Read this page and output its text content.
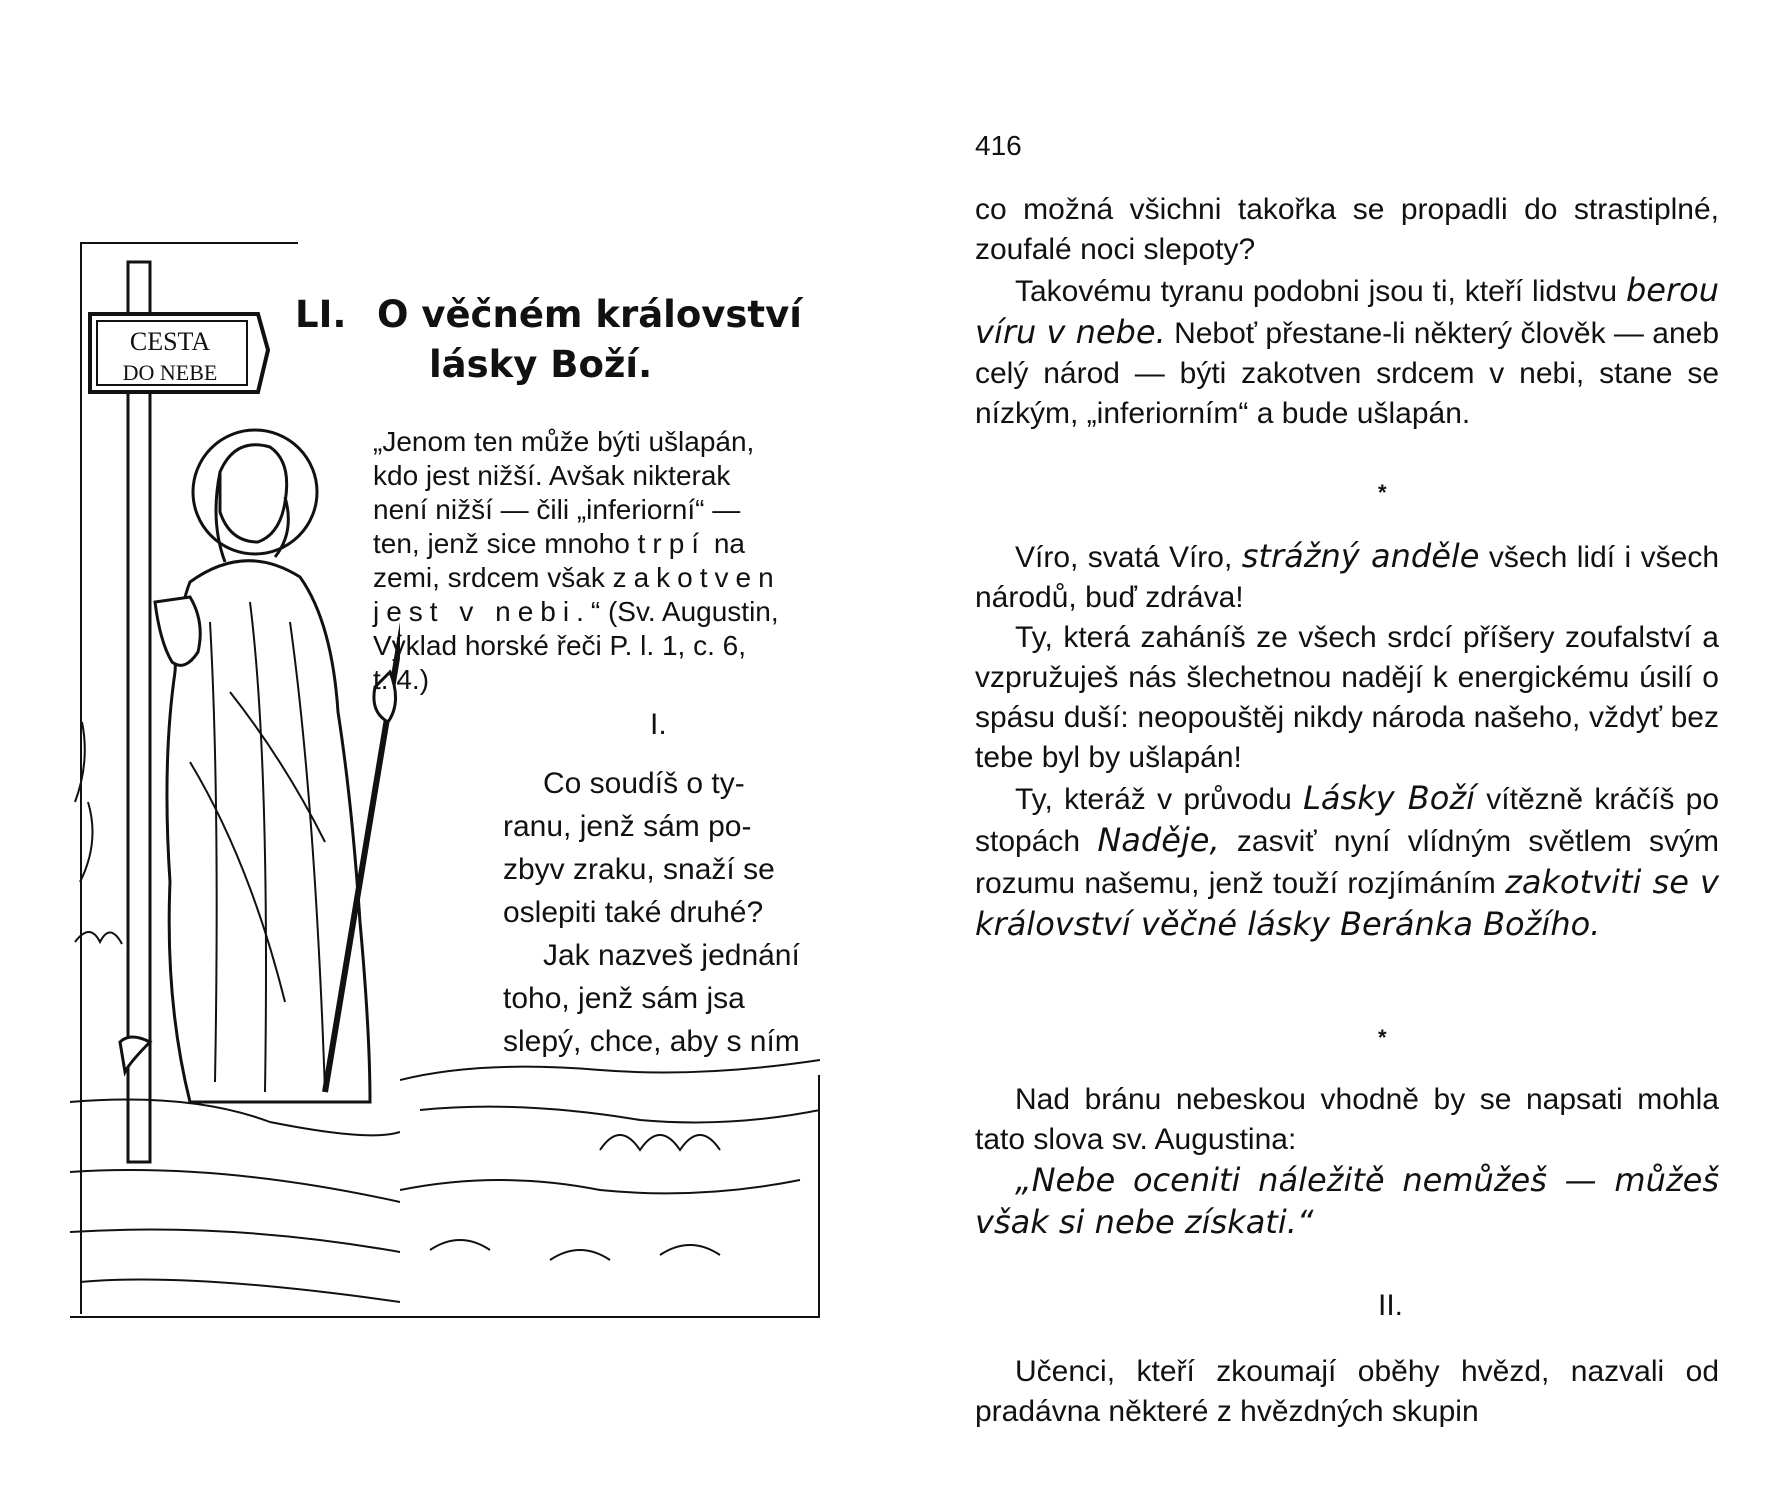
CESTA
DO NEBE
LI. O věčném království
lásky Boží.

„Jenom ten může býti ušlapán,

kdo jest nižší. Avšak nikterak

není nižší — čili „inferiorní“ —

ten, jenž sice mnoho trpí na

zemi, srdcem však zakotven

jest v nebi.“ (Sv. Augustin,

Výklad horské řeči P. l. 1, c. 6,

t. 4.)

I.
Co soudíš o ty-
ranu, jenž sám po-
zbyv zraku, snaží se
oslepiti také druhé?
Jak nazveš jednání
toho, jenž sám jsa
slepý, chce, aby s ním
416

co možná všichni takořka se propadli do strastiplné, zoufalé noci slepoty?

Takovému tyranu podobni jsou ti, kteří lidstvu berou víru v nebe. Neboť přestane-li některý člověk — aneb celý národ — býti zakotven srdcem v nebi, stane se nízkým, „inferiorním“ a bude ušlapán.

*

Víro, svatá Víro, strážný anděle všech lidí i všech národů, buď zdráva!

Ty, která zaháníš ze všech srdcí příšery zoufalství a vzpružuješ nás šlechetnou nadějí k energickému úsilí o spásu duší: neopouštěj nikdy národa našeho, vždyť bez tebe byl by ušlapán!

Ty, kteráž v průvodu Lásky Boží vítězně kráčíš po stopách Naděje, zasviť nyní vlídným světlem svým rozumu našemu, jenž touží rozjímáním zakotviti se v království věčné lásky Beránka Božího.

*

Nad bránu nebeskou vhodně by se napsati mohla tato slova sv. Augustina:

„Nebe oceniti náležitě nemůžeš — můžeš však si nebe získati.“

II.

Učenci, kteří zkoumají oběhy hvězd, nazvali od pradávna některé z hvězdných skupin
